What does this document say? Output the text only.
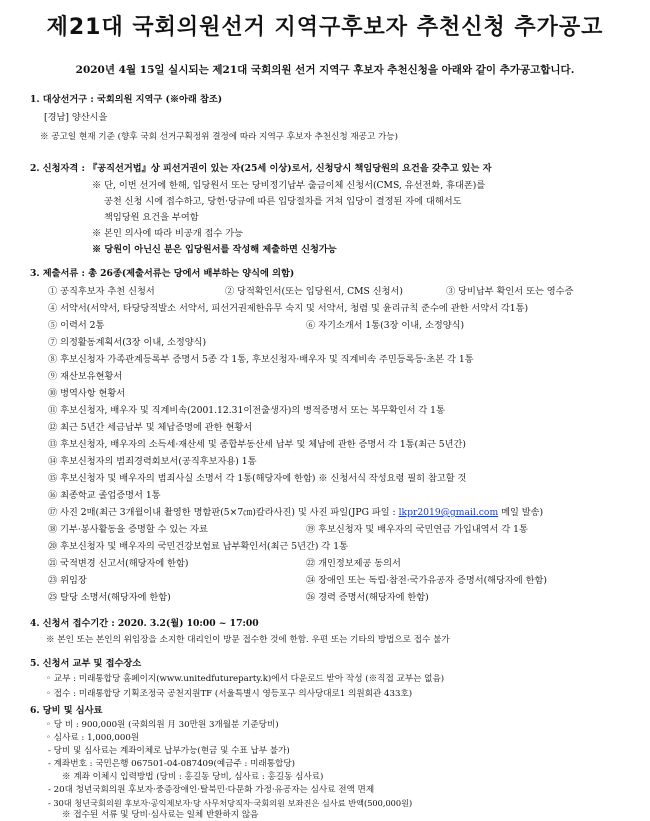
제21대 국회의원선거 지역구후보자 추천신청 추가공고
2020년 4월 15일 실시되는 제21대 국회의원 선거 지역구 후보자 추천신청을 아래와 같이 추가공고합니다.
1. 대상선거구 : 국회의원 지역구 (※아래 참조)
[경남] 양산시을
※ 공고일 현재 기준 (향후 국회 선거구획정위 결정에 따라 지역구 후보자 추천신청 재공고 가능)
2. 신청자격 : 『공직선거법』상 피선거권이 있는 자(25세 이상)로서, 신청당시 책임당원의 요건을 갖추고 있는 자
※ 단, 이번 선거에 한해, 입당원서 또는 당비정기납부 출금이체 신청서(CMS, 유선전화, 휴대폰)를
공천 신청 시에 접수하고, 당헌·당규에 따른 입당절차를 거쳐 입당이 결정된 자에 대해서도
책임당원 요건을 부여함
※ 본인 의사에 따라 비공개 접수 가능
※ 당원이 아닌신 분은 입당원서를 작성해 제출하면 신청가능
3. 제출서류 : 총 26종(제출서류는 당에서 배부하는 양식에 의함)
① 공직후보자 추천 신청서	② 당적확인서(또는 입당원서, CMS 신청서)	③ 당비납부 확인서 또는 영수증
④ 서약서(서약서, 타당당적발소 서약서, 피선거권제한유무 숙지 및 서약서, 청렴 및 윤리규칙 준수에 관한 서약서 각1통)
⑤ 이력서 2통	⑥ 자기소개서 1통(3장 이내, 소정양식)
⑦ 의정활동계획서(3장 이내, 소정양식)
⑧ 후보신청자 가족관계등록부 증명서 5종 각 1통, 후보신청자·배우자 및 직계비속 주민등록등·초본 각 1통
⑨ 재산보유현황서
⑩ 병역사항 현황서
⑪ 후보신청자, 배우자 및 직계비속(2001.12.31이전출생자)의 병적증명서 또는 복무확인서 각 1통
⑫ 최근 5년간 세금납부 및 체납증명에 관한 현황서
⑬ 후보신청자, 배우자의 소득세·재산세 및 종합부동산세 납부 및 체납에 관한 증명서 각 1통(최근 5년간)
⑭ 후보신청자의 범죄경력회보서(공직후보자용) 1통
⑮ 후보신청자 및 배우자의 범죄사실 소명서 각 1통(해당자에 한함) ※ 신청서식 작성요령 필히 참고할 것
⑯ 최종학교 졸업증명서 1통
⑰ 사진 2매(최근 3개월이내 촬영한 명함판(5×7㎝)칼라사진) 및 사진 파일(JPG 파일 : lkpr2019@gmail.com 메일 발송)
⑱ 기부·봉사활동을 증명할 수 있는 자료	⑲ 후보신청자 및 배우자의 국민연금 가입내역서 각 1통
⑳ 후보신청자 및 배우자의 국민건강보험료 납부확인서(최근 5년간) 각 1통
㉑ 국적변경 신고서(해당자에 한함)	㉒ 개인정보제공 동의서
㉓ 위임장	㉔ 장애인 또는 독립·참전·국가유공자 증명서(해당자에 한함)
㉕ 탈당 소명서(해당자에 한함)	㉖ 경력 증명서(해당자에 한함)
4. 신청서 접수기간 : 2020. 3.2(월) 10:00 ~ 17:00
※ 본인 또는 본인의 위임장을 소지한 대리인이 방문 접수한 것에 한함. 우편 또는 기타의 방법으로 접수 불가
5. 신청서 교부 및 접수장소
◦ 교부 : 미래통합당 홈페이지(www.unitedfutureparty.k)에서 다운로드 받아 작성 (※직접 교부는 없음)
◦ 접수 : 미래통합당 기획조정국 공천지원TF (서울특별시 영등포구 의사당대로1 의원회관 433호)
6. 당비 및 심사료
◦ 당 비 : 900,000원 (국회의원 月 30만원 3개월분 기준당비)
◦ 심사료 : 1,000,000원
- 당비 및 심사료는 계좌이체로 납부가능(현금 및 수표 납부 불가)
- 계좌번호 : 국민은행 067501-04-087409(예금주 : 미래통합당)
※ 계좌 이체시 입력방법 (당비 : 홍길동 당비, 심사료 : 홍길동 심사료)
- 20대 청년국회의원 후보자·중증장애인·탈북민·다문화 가정·유공자는 심사료 전액 면제
- 30대 청년국회의원 후보자·공익제보자·당 사무처당직자·국회의원 보좌진은 심사료 반액(500,000원)
※ 접수된 서류 및 당비·심사료는 일체 반환하지 않음
